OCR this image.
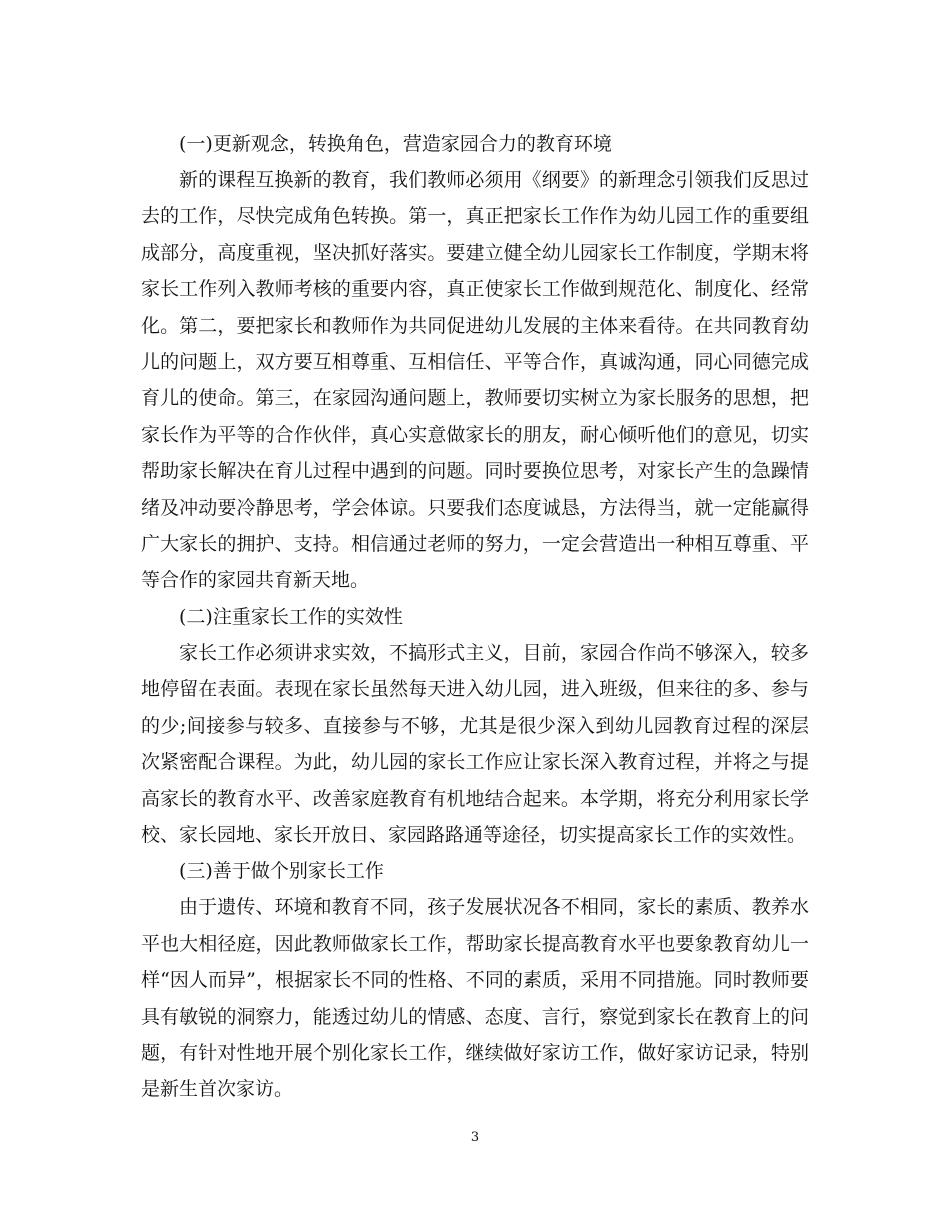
(一)更新观念，转换角色，营造家园合力的教育环境

新的课程互换新的教育，我们教师必须用《纲要》的新理念引领我们反思过去的工作，尽快完成角色转换。第一，真正把家长工作作为幼儿园工作的重要组成部分，高度重视，坚决抓好落实。要建立健全幼儿园家长工作制度，学期末将家长工作列入教师考核的重要内容，真正使家长工作做到规范化、制度化、经常化。第二，要把家长和教师作为共同促进幼儿发展的主体来看待。在共同教育幼儿的问题上，双方要互相尊重、互相信任、平等合作，真诚沟通，同心同德完成育儿的使命。第三，在家园沟通问题上，教师要切实树立为家长服务的思想，把家长作为平等的合作伙伴，真心实意做家长的朋友，耐心倾听他们的意见，切实帮助家长解决在育儿过程中遇到的问题。同时要换位思考，对家长产生的急躁情绪及冲动要冷静思考，学会体谅。只要我们态度诚恳，方法得当，就一定能赢得广大家长的拥护、支持。相信通过老师的努力，一定会营造出一种相互尊重、平等合作的家园共育新天地。

(二)注重家长工作的实效性

家长工作必须讲求实效，不搞形式主义，目前，家园合作尚不够深入，较多地停留在表面。表现在家长虽然每天进入幼儿园，进入班级，但来往的多、参与的少;间接参与较多、直接参与不够，尤其是很少深入到幼儿园教育过程的深层次紧密配合课程。为此，幼儿园的家长工作应让家长深入教育过程，并将之与提高家长的教育水平、改善家庭教育有机地结合起来。本学期，将充分利用家长学校、家长园地、家长开放日、家园路路通等途径，切实提高家长工作的实效性。

(三)善于做个别家长工作

由于遗传、环境和教育不同，孩子发展状况各不相同，家长的素质、教养水平也大相径庭，因此教师做家长工作，帮助家长提高教育水平也要象教育幼儿一样“因人而异”，根据家长不同的性格、不同的素质，采用不同措施。同时教师要具有敏锐的洞察力，能透过幼儿的情感、态度、言行，察觉到家长在教育上的问题，有针对性地开展个别化家长工作，继续做好家访工作，做好家访记录，特别是新生首次家访。

3
